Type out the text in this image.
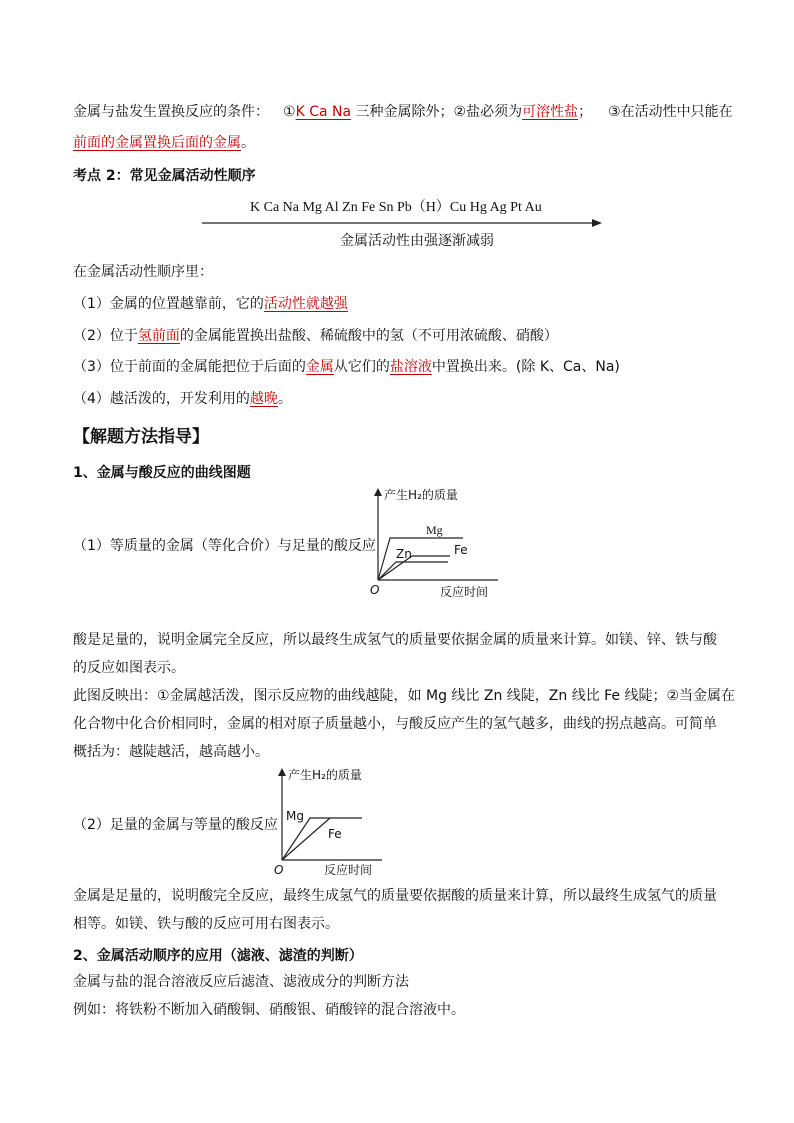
金属与盐发生置换反应的条件： ①K Ca Na 三种金属除外；②盐必须为可溶性盐； ③在活动性中只能在
前面的金属置换后面的金属。
考点 2：常见金属活动性顺序
K Ca Na Mg Al Zn Fe Sn Pb（H）Cu Hg Ag Pt Au
金属活动性由强逐渐减弱
在金属活动性顺序里：
（1）金属的位置越靠前，它的活动性就越强
（2）位于氢前面的金属能置换出盐酸、稀硫酸中的氢（不可用浓硫酸、硝酸）
（3）位于前面的金属能把位于后面的金属从它们的盐溶液中置换出来。(除 K、Ca、Na)
（4）越活泼的，开发利用的越晚。
【解题方法指导】
1、金属与酸反应的曲线图题
（1）等质量的金属（等化合价）与足量的酸反应
产生H₂的质量
Mg
Zn	Fe
O	反应时间
酸是足量的，说明金属完全反应，所以最终生成氢气的质量要依据金属的质量来计算。如镁、锌、铁与酸
的反应如图表示。
此图反映出：①金属越活泼，图示反应物的曲线越陡，如 Mg 线比 Zn 线陡，Zn 线比 Fe 线陡；②当金属在
化合物中化合价相同时，金属的相对原子质量越小，与酸反应产生的氢气越多，曲线的拐点越高。可简单
概括为：越陡越活，越高越小。
（2）足量的金属与等量的酸反应
产生H₂的质量
Mg
Fe
O	反应时间
金属是足量的，说明酸完全反应，最终生成氢气的质量要依据酸的质量来计算，所以最终生成氢气的质量
相等。如镁、铁与酸的反应可用右图表示。
2、金属活动顺序的应用（滤液、滤渣的判断）
金属与盐的混合溶液反应后滤渣、滤液成分的判断方法
例如：将铁粉不断加入硝酸铜、硝酸银、硝酸锌的混合溶液中。
